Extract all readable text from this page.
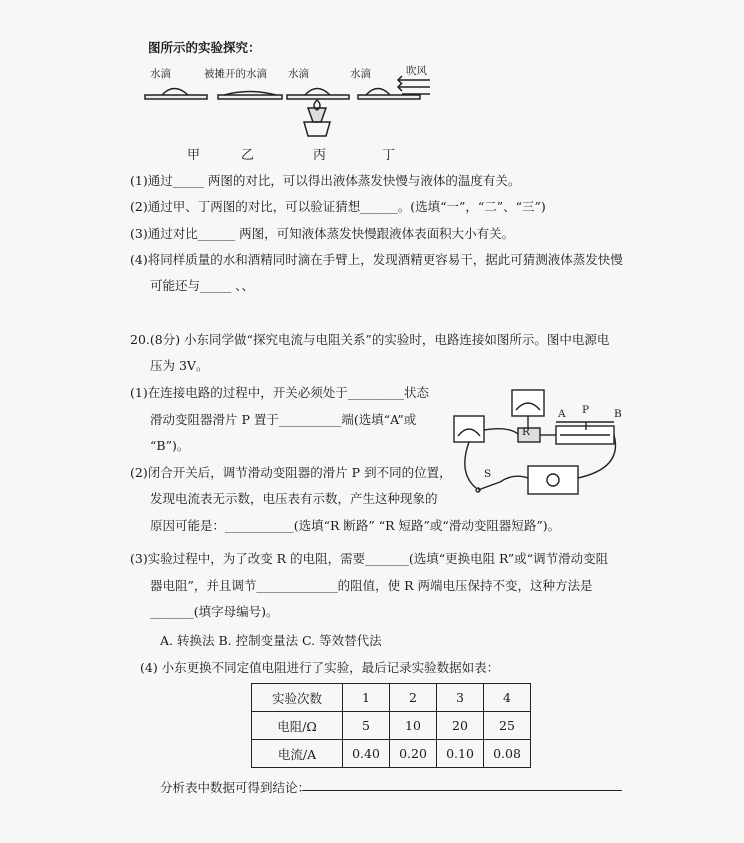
图所示的实验探究：
水滴	被摊开的水滴 水滴	水滴	吹风
甲	乙	丙	丁
(1)通过_____ 两图的对比，可以得出液体蒸发快慢与液体的温度有关。
(2)通过甲、丁两图的对比，可以验证猜想______。(选填“一”，“二”、“三”)
(3)通过对比______ 两图，可知液体蒸发快慢跟液体表面积大小有关。
(4)将同样质量的水和酒精同时滴在手臂上，发现酒精更容易干，据此可猜测液体蒸发快慢
可能还与_____ 、、
20.(8分) 小东同学做“探究电流与电阻关系”的实验时，电路连接如图所示。图中电源电
压为 3V。
(1)在连接电路的过程中，开关必须处于_________状态
滑动变阻器滑片 P 置于__________端(选填“A”或
“B”)。
(2)闭合开关后，调节滑动变阻器的滑片 P 到不同的位置，
发现电流表无示数，电压表有示数，产生这种现象的
原因可能是：___________(选填“R 断路” “R 短路”或“滑动变阻器短路”)。
(3)实验过程中，为了改变 R 的电阻，需要_______(选填“更换电阻 R”或“调节滑动变阻
器电阻”，并且调节_____________的阻值，使 R 两端电压保持不变，这种方法是
_______(填字母编号)。
A. 转换法 B. 控制变量法 C. 等效替代法
(4) 小东更换不同定值电阻进行了实验，最后记录实验数据如表：
A P B
R
S
实验次数	1	2	3	4
电阻/Ω	5	10	20	25
电流/A	0.40	0.20	0.10	0.08
分析表中数据可得到结论：
